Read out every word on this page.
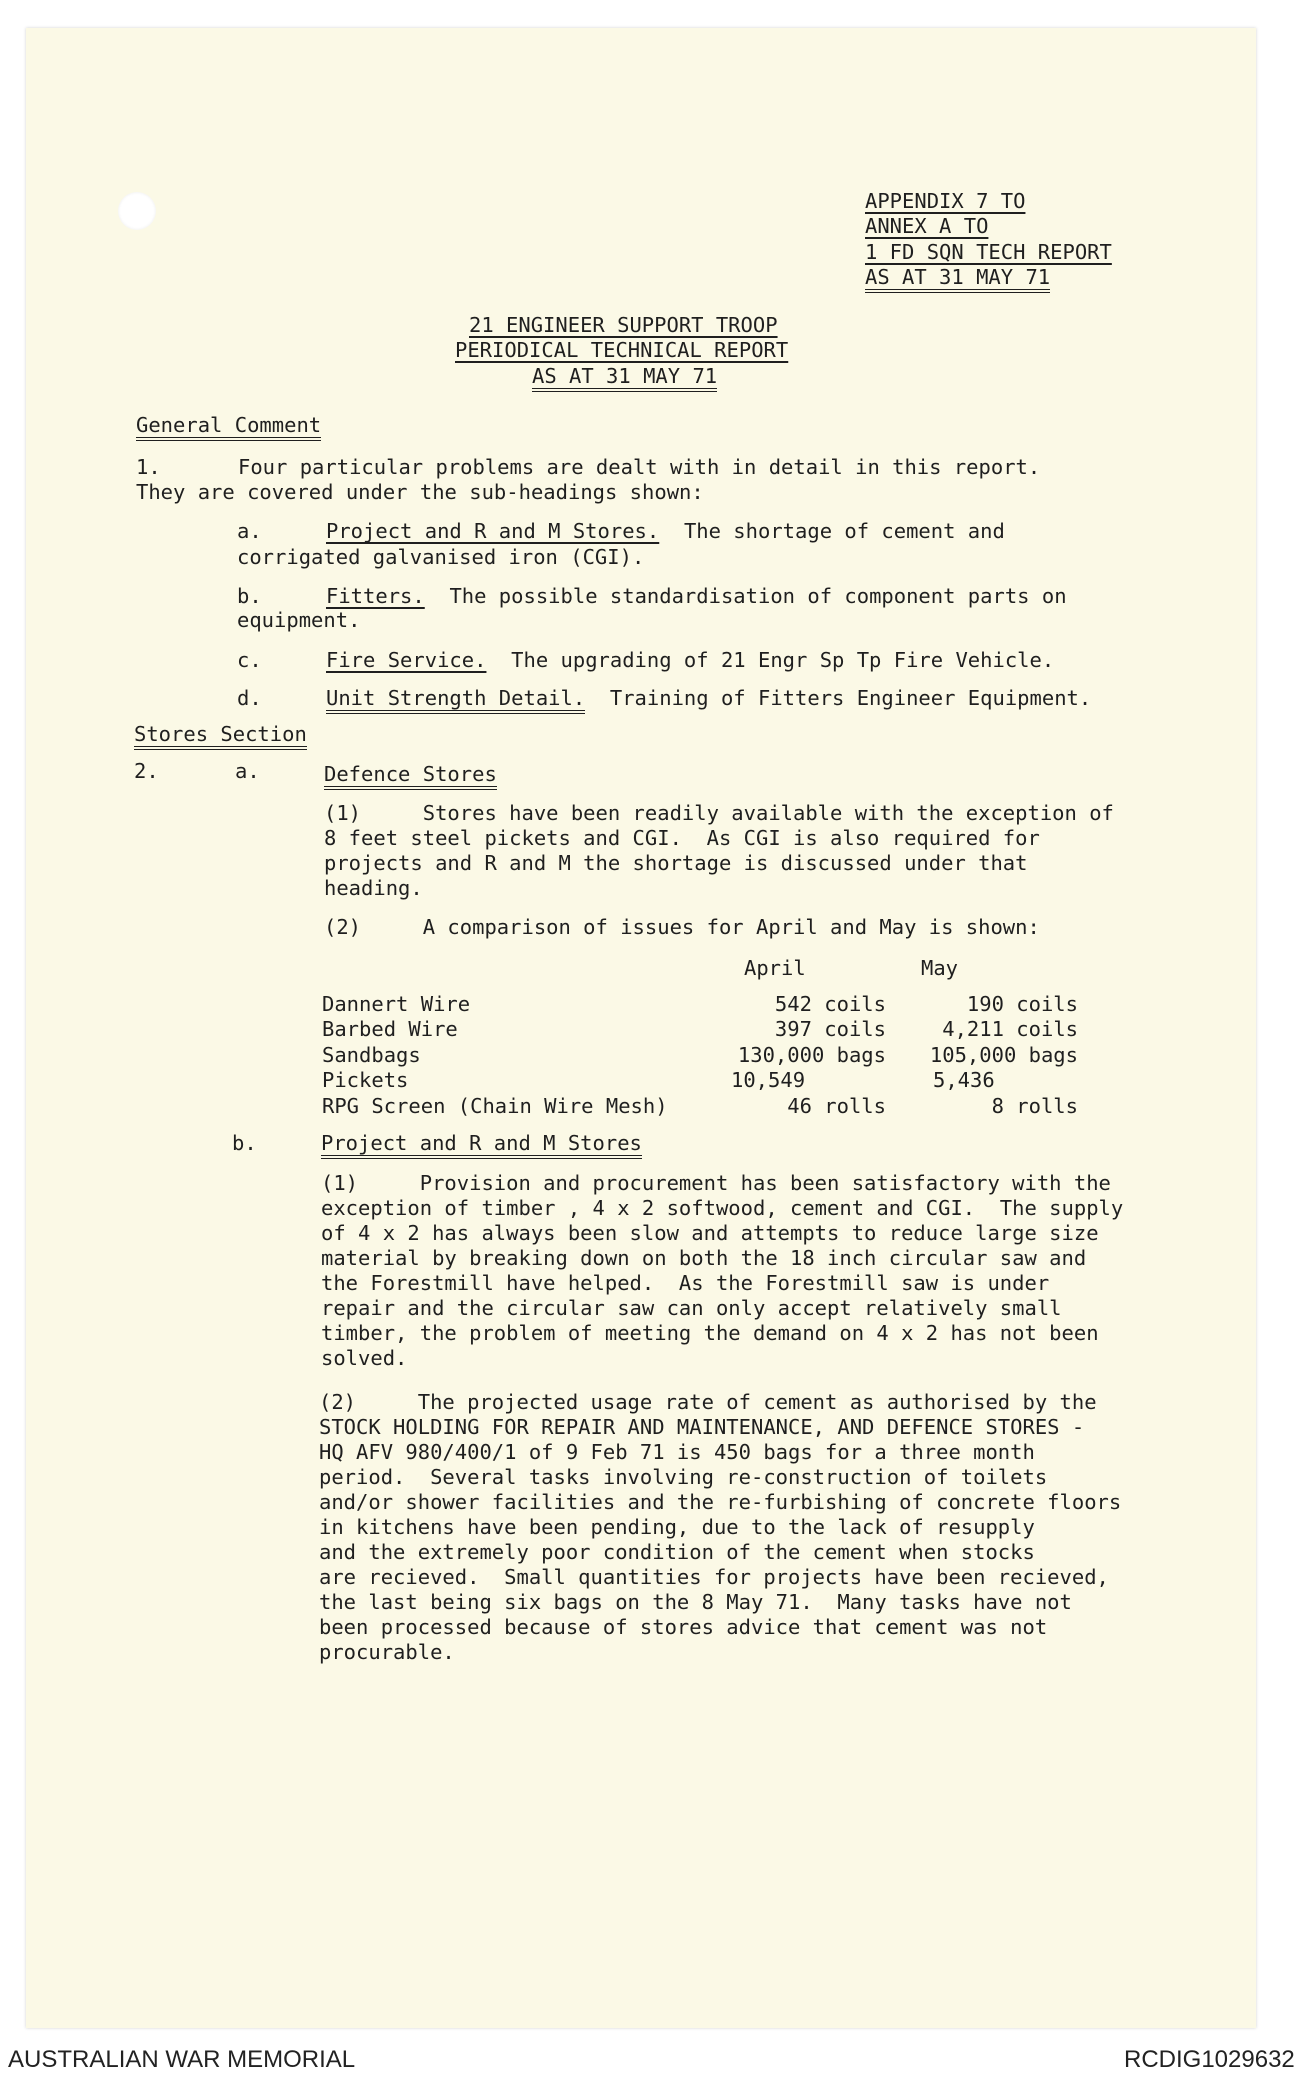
APPENDIX 7 TO
ANNEX A TO
1 FD SQN TECH REPORT
AS AT 31 MAY 71
21 ENGINEER SUPPORT TROOP
PERIODICAL TECHNICAL REPORT
AS AT 31 MAY 71
General Comment
1.	Four particular problems are dealt with in detail in this report.
They are covered under the sub-headings shown:
a.	Project and R and M Stores. The shortage of cement and
corrigated galvanised iron (CGI).
b.	Fitters. The possible standardisation of component parts on
equipment.
c.	Fire Service. The upgrading of 21 Engr Sp Tp Fire Vehicle.
d.	Unit Strength Detail. Training of Fitters Engineer Equipment.
Stores Section
2.	a.	Defence Stores
(1)     Stores have been readily available with the exception of
8 feet steel pickets and CGI.  As CGI is also required for
projects and R and M the shortage is discussed under that
heading.
(2)     A comparison of issues for April and May is shown:
April	May
Dannert Wire	542 coils	190 coils
Barbed Wire	397 coils	4,211 coils
Sandbags	130,000 bags	105,000 bags
Pickets	10,549	5,436
RPG Screen (Chain Wire Mesh)	46 rolls	8 rolls
b.	Project and R and M Stores
(1)     Provision and procurement has been satisfactory with the
exception of timber , 4 x 2 softwood, cement and CGI.  The supply
of 4 x 2 has always been slow and attempts to reduce large size
material by breaking down on both the 18 inch circular saw and
the Forestmill have helped.  As the Forestmill saw is under
repair and the circular saw can only accept relatively small
timber, the problem of meeting the demand on 4 x 2 has not been
solved.
(2)     The projected usage rate of cement as authorised by the
STOCK HOLDING FOR REPAIR AND MAINTENANCE, AND DEFENCE STORES -
HQ AFV 980/400/1 of 9 Feb 71 is 450 bags for a three month
period.  Several tasks involving re-construction of toilets
and/or shower facilities and the re-furbishing of concrete floors
in kitchens have been pending, due to the lack of resupply
and the extremely poor condition of the cement when stocks
are recieved.  Small quantities for projects have been recieved,
the last being six bags on the 8 May 71.  Many tasks have not
been processed because of stores advice that cement was not
procurable.
AUSTRALIAN WAR MEMORIAL	RCDIG1029632
